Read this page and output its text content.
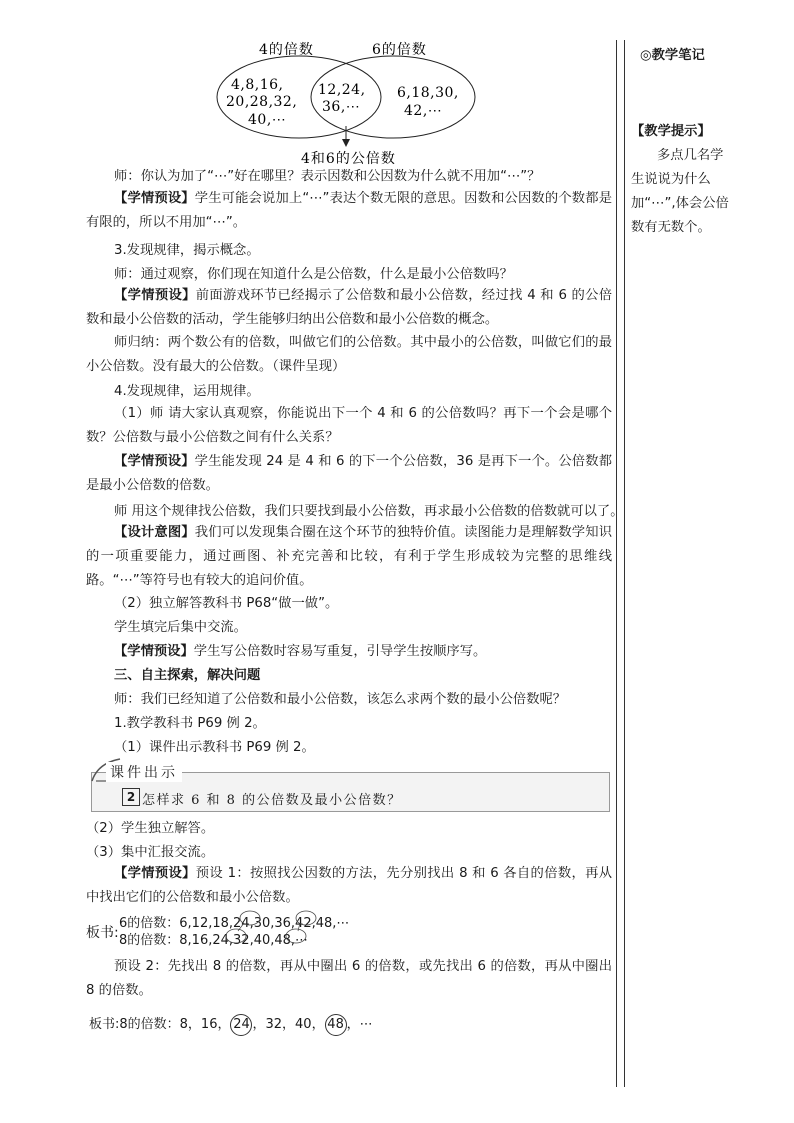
4的倍数	6的倍数
4,8,16,
20,28,32,
40,⋯
12,24,
36,⋯
6,18,30,
42,⋯
4和6的公倍数
师：你认为加了“⋯”好在哪里？表示因数和公因数为什么就不用加“⋯”？
【学情预设】学生可能会说加上“⋯”表达个数无限的意思。因数和公因数的个数都是有限的，所以不用加“⋯”。
3.发现规律，揭示概念。
师：通过观察，你们现在知道什么是公倍数，什么是最小公倍数吗？
【学情预设】前面游戏环节已经揭示了公倍数和最小公倍数，经过找 4 和 6 的公倍数和最小公倍数的活动，学生能够归纳出公倍数和最小公倍数的概念。
师归纳：两个数公有的倍数，叫做它们的公倍数。其中最小的公倍数，叫做它们的最小公倍数。没有最大的公倍数。（课件呈现）
4.发现规律，运用规律。
（1）师 请大家认真观察，你能说出下一个 4 和 6 的公倍数吗？再下一个会是哪个数？公倍数与最小公倍数之间有什么关系？
【学情预设】学生能发现 24 是 4 和 6 的下一个公倍数，36 是再下一个。公倍数都是最小公倍数的倍数。
师 用这个规律找公倍数，我们只要找到最小公倍数，再求最小公倍数的倍数就可以了。
【设计意图】我们可以发现集合圈在这个环节的独特价值。读图能力是理解数学知识的一项重要能力，通过画图、补充完善和比较，有利于学生形成较为完整的思维线路。“⋯”等符号也有较大的追问价值。
（2）独立解答教科书 P68“做一做”。
学生填完后集中交流。
【学情预设】学生写公倍数时容易写重复，引导学生按顺序写。
三、自主探索，解决问题
师：我们已经知道了公倍数和最小公倍数，该怎么求两个数的最小公倍数呢？
1.教学教科书 P69 例 2。
（1）课件出示教科书 P69 例 2。
课件出示
2 怎样求 6 和 8 的公倍数及最小公倍数？
（2）学生独立解答。
（3）集中汇报交流。
【学情预设】预设 1：按照找公因数的方法，先分别找出 8 和 6 各自的倍数，再从中找出它们的公倍数和最小公倍数。
板书:
6的倍数：6,12,18,24,30,36,42,48,⋯
8的倍数：8,16,24,32,40,48,⋯
预设 2：先找出 8 的倍数，再从中圈出 6 的倍数，或先找出 6 的倍数，再从中圈出 8 的倍数。
板书:8的倍数：8，16， 24 ，32，40， 48 ，⋯
◎教学笔记
【教学提示】
多点几名学生说说为什么加“⋯”,体会公倍数有无数个。
